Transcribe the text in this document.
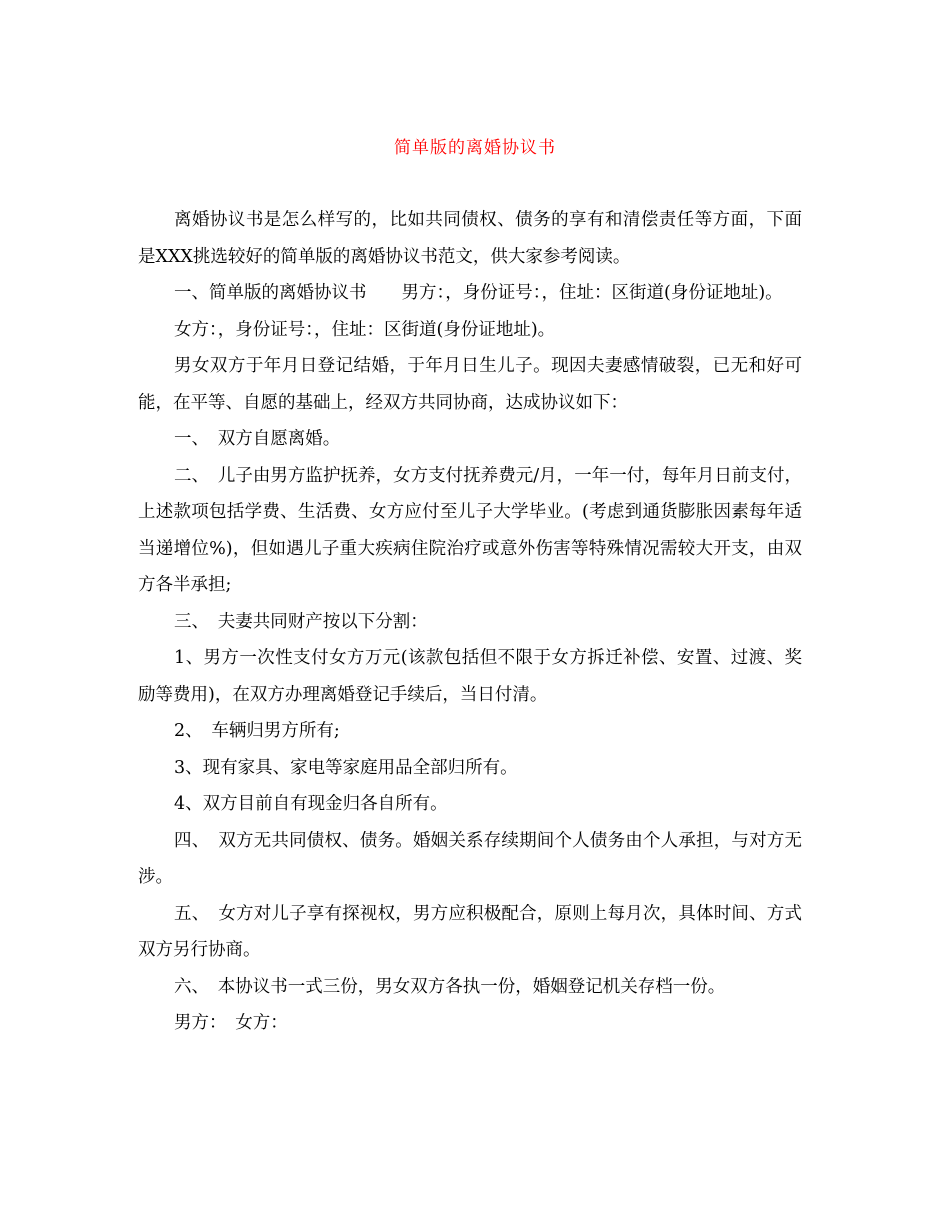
简单版的离婚协议书

离婚协议书是怎么样写的，比如共同债权、债务的享有和清偿责任等方面，下面是XXX挑选较好的简单版的离婚协议书范文，供大家参考阅读。

一、简单版的离婚协议书　　男方：，身份证号：，住址：区街道(身份证地址)。

女方：，身份证号：，住址：区街道(身份证地址)。

男女双方于年月日登记结婚，于年月日生儿子。现因夫妻感情破裂，已无和好可能，在平等、自愿的基础上，经双方共同协商，达成协议如下：

一、　双方自愿离婚。

二、　儿子由男方监护抚养，女方支付抚养费元/月，一年一付，每年月日前支付，上述款项包括学费、生活费、女方应付至儿子大学毕业。(考虑到通货膨胀因素每年适当递增位%)，但如遇儿子重大疾病住院治疗或意外伤害等特殊情况需较大开支，由双方各半承担;

三、　夫妻共同财产按以下分割：

1、男方一次性支付女方万元(该款包括但不限于女方拆迁补偿、安置、过渡、奖励等费用)，在双方办理离婚登记手续后，当日付清。

2、　车辆归男方所有;

3、现有家具、家电等家庭用品全部归所有。

4、双方目前自有现金归各自所有。

四、　双方无共同债权、债务。婚姻关系存续期间个人债务由个人承担，与对方无涉。

五、　女方对儿子享有探视权，男方应积极配合，原则上每月次，具体时间、方式双方另行协商。

六、　本协议书一式三份，男女双方各执一份，婚姻登记机关存档一份。

男方：　女方：
